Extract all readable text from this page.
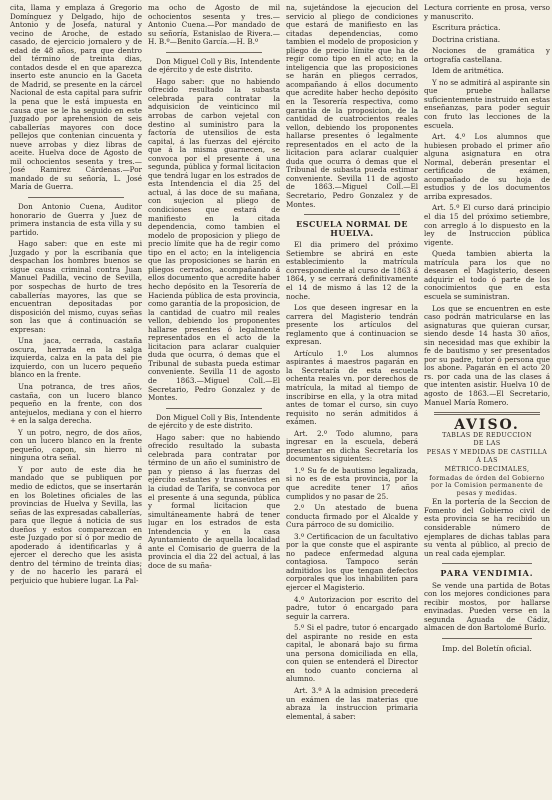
cita, llama y emplaza á Gregorio Domínguez y Delgado, hijo de Antonio y de Josefa, natural y vecino de Aroche, de estado casado, de ejercicio jornalero y de edad de 48 años, para que dentro del término de treinta dias, contados desde el en que aparezca inserto este anuncio en la Gaceta de Madrid, se presente en la cárcel Nacional de esta capital para sufrir la pena que le está impuesta en causa que se le ha seguido en este Juzgado por aprehension de seis caballerías mayores con doce pellejos que contenian cincuenta y nueve arrobas y diez libras de aceite. Huelva doce de Agosto de mil ochocientos sesenta y tres.—José Ramirez Cárdenas.—Por mandado de su señoría, L. José María de Guerra.

Don Antonio Cuena, Auditor honorario de Guerra y Juez de primera instancia de esta villa y su partido.

Hago saber: que en este mi Juzgado y por la escribanía que despachan los hombres buenos se sigue causa criminal contra Juan Manuel Padilla, vecino de Sevilla, por sospechas de hurto de tres caballerías mayores, las que se encuentran depositadas por disposición del mismo, cuyas señas son las que á continuación se expresan:

Una jaca, cerrada, castaña oscura, herrada en la salga izquierda, calza en la pata del pie izquierdo, con un lucero pequeño blanco en la frente.

Una potranca, de tres años, castaña, con un lucero blanco pequeño en la frente, con dos antejuelos, mediana y con el hierro + en la salga derecha.

Y un potro, negro, de dos años, con un lucero blanco en la frente pequeño, capon, sin hierro ni ninguna otra señal.

Y por auto de este dia he mandado que se publiquen por medio de edictos, que se insertarán en los Boletines oficiales de las provincias de Huelva y Sevilla, las señas de las expresadas caballerías, para que llegue á noticia de sus dueños y estos comparezcan en este Juzgado por sí ó por medio de apoderado á identificarlas y á ejercer el derecho que les asista dentro del término de treinta dias; y de no hacerlo les parará el perjuicio que hubiere lugar. La Pal-

ma ocho de Agosto de mil ochocientos sesenta y tres.—Antonio Cuena.—Por mandado de su señoría, Estanislao de Rivera.—H. B.º—Benito García.—H. B.º

Don Miguel Coll y Bis, Intendente de ejército y de este distrito.

Hago saber: que no habiendo ofrecido resultado la subasta celebrada para contratar la adquisicion de veinticinco mil arrobas de carbon vejetal con destino al suministro para la factoría de utensilios de esta capital, á las fuerzas del ejército que á la misma guarnecen, se convoca por el presente á una segunda, pública y formal licitacion que tendrá lugar en los estrados de esta Intendencia el dia 25 del actual, á las doce de su mañana, con sujecion al pliego de condiciones que estará de manifiesto en la citada dependencia, como tambien el modelo de proposicion y pliego de precio límite que ha de regir como tipo en el acto; en la inteligencia que las proposiciones se harán en pliegos cerrados, acompañando á ellos documento que acredite haber hecho depósito en la Tesorería de Hacienda pública de esta provincia, como garantía de la proposicion, de la cantidad de cuatro mil reales vellon, debiendo los proponentes hallarse presentes ó legalmente representados en el acto de la licitacion para aclarar cualquier duda que ocurra, ó demas que el Tribunal de subasta pueda estimar conveniente. Sevilla 11 de agosto de 1863.—Miguel Coll.—El Secretario, Pedro Gonzalez y de Montes.

Don Miguel Coll y Bis, Intendente de ejército y de este distrito.

Hago saber: que no habiendo ofrecido resultado la subasta celebrada para contratar por término de un año el suministro de pan y pienso á las fuerzas del ejército estantes y transeúntes en la ciudad de Tarifa, se convoca por el presente á una segunda, pública y formal licitacion que simultáneamente habrá de tener lugar en los estrados de esta Intendencia y en la casa Ayuntamiento de aquella localidad ante el Comisario de guerra de la provincia el dia 22 del actual, á las doce de su maña-

na, sujetándose la ejecucion del servicio al pliego de condiciones que estará de manifiesto en las citadas dependencias, como tambien el modelo de proposicion y pliego de precio límite que ha de regir como tipo en el acto; en la inteligencia que las proposiciones se harán en pliegos cerrados, acompañando á ellos documento que acredite haber hecho depósito en la Tesorería respectiva, como garantía de la proposicion, de la cantidad de cuatrocientos reales vellon, debiendo los proponentes hallarse presentes ó legalmente representados en el acto de la licitacion para aclarar cualquier duda que ocurra ó demas que el Tribunal de subasta pueda estimar conveniente. Sevilla 11 de agosto de 1863.—Miguel Coll.—El Secretario, Pedro Gonzalez y de Montes.

ESCUELA NORMAL DE HUELVA.

El dia primero del próximo Setiembre se abrirá en este establecimiento la matrícula correspondiente al curso de 1863 á 1864, y se cerrará definitivamente el 14 de mismo á las 12 de la noche.

Los que deseen ingresar en la carrera del Magisterio tendrán presente los artículos del reglamento que á continuacion se expresan.

Artículo 1.º Los alumnos aspirantes á maestros pagarán en la Secretaría de esta escuela ochenta reales vn. por derechos de matrícula, la mitad al tiempo de inscribirse en ella, y la otra mitad antes de tomar el curso, sin cuyo requisito no serán admitidos á exámen.

Art. 2.º Todo alumno, para ingresar en la escuela, deberá presentar en dicha Secretaría los documentos siguientes:

1.º Su fe de bautismo legalizada, si no es de esta provincia, por la que acredite tener 17 años cumplidos y no pasar de 25.

2.º Un atestado de buena conducta firmado por el Alcalde y Cura párroco de su domicilio.

3.º Certificacion de un facultativo por la que conste que el aspirante no padece enfermedad alguna contagiosa. Tampoco serán admitidos los que tengan defectos corporales que los inhabiliten para ejercer el Magisterio.

4.º Autorizacion por escrito del padre, tutor ó encargado para seguir la carrera.

5.º Si el padre, tutor ó encargado del aspirante no reside en esta capital, le abonará bajo su firma una persona domiciliada en ella, con quien se entenderá el Director en todo cuanto concierna al alumno.

Art. 3.º A la admision precederá un exámen de las materias que abraza la instruccion primaria elemental, á saber:

Lectura corriente en prosa, verso y manuscrito.

Escritura práctica.

Doctrina cristiana.

Nociones de gramática y ortografía castellana.

Idem de aritmética.

Y no se admitirá al aspirante sin que pruebe hallarse suficientemente instruido en estas enseñanzas, para poder seguir con fruto las lecciones de la escuela.

Art. 4.º Los alumnos que hubiesen probado el primer año alguna asignatura en otra Normal, deberán presentar el certificado de exámen, acompañado de su hoja de estudios y de los documentos arriba expresados.

Art. 5.º El curso dará principio el dia 15 del próximo setiembre, con arreglo á lo dispuesto en la ley de Instruccion pública vigente.

Queda tambien abierta la matrícula para los que no deseasen el Magisterio, deseen adquirir el todo ó parte de los conocimientos que en esta escuela se suministran.

Los que se encuentren en este caso podrán matricularse en las asignaturas que quieran cursar, siendo desde 14 hasta 30 años, sin necesidad mas que exhibir la fe de bautismo y ser presentados por su padre, tutor ó persona que los abone. Pagarán en el acto 20 rs. por cada una de las clases á que intenten asistir. Huelva 10 de agosto de 1863.—El Secretario, Manuel María Romero.

AVISO.
TABLAS DE REDUCCION
DE LAS
PESAS Y MEDIDAS DE CASTILLA
Á LAS
MÉTRICO-DECIMALES,
formadas de órden del Gobierno por la Comision permanente de pesas y medidas.

En la portería de la Seccion de Fomento del Gobierno civil de esta provincia se ha recibido un considerable número de ejemplares de dichas tablas para su venta al público, al precio de un real cada ejemplar.

PARA VENDIMIA.

Se vende una partida de Botas con los mejores condiciones para recibir mostos, por hallarse envinadas. Pueden verse en la segunda Aguada de Cádiz, almacen de don Bartolomé Burlo.

Imp. del Boletín oficial.
